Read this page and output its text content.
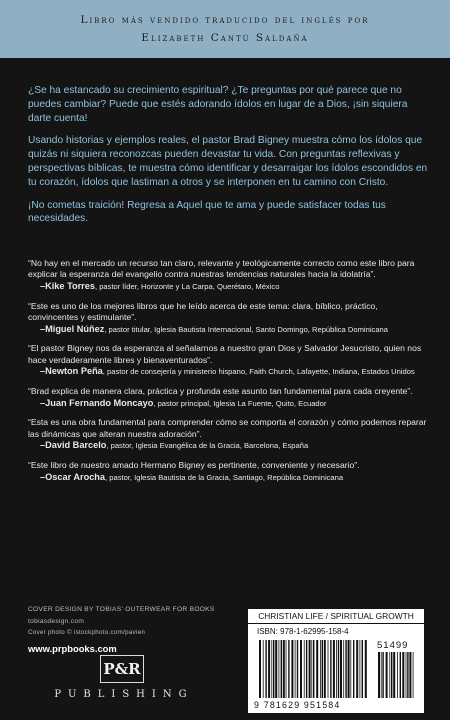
Libro más vendido traducido del inglés por
Elizabeth Cantú Saldaña

¿Se ha estancado su crecimiento espiritual? ¿Te preguntas por qué parece que no puedes cambiar? Puede que estés adorando ídolos en lugar de a Dios, ¡sin siquiera darte cuenta!

Usando historias y ejemplos reales, el pastor Brad Bigney muestra cómo los ídolos que quizás ni siquiera reconozcas pueden devastar tu vida. Con preguntas reflexivas y perspectivas bíblicas, te muestra cómo identificar y desarraigar los ídolos escondidos en tu corazón, ídolos que lastiman a otros y se interponen en tu camino con Cristo.

¡No cometas traición! Regresa a Aquel que te ama y puede satisfacer todas tus necesidades.

“No hay en el mercado un recurso tan claro, relevante y teológicamente correcto como este libro para explicar la esperanza del evangelio contra nuestras tendencias naturales hacia la idolatría”.
–Kike Torres, pastor líder, Horizonte y La Carpa, Querétaro, México
“Este es uno de los mejores libros que he leído acerca de este tema: clara, bíblico, práctico, convincentes y estimulante”.
–Miguel Núñez, pastor titular, Iglesia Bautista Internacional, Santo Domingo, República Dominicana
“El pastor Bigney nos da esperanza al señalarnos a nuestro gran Dios y Salvador Jesucristo, quien nos hace verdaderamente libres y bienaventurados”.
–Newton Peña, pastor de consejería y ministerio hispano, Faith Church, Lafayette, Indiana, Estados Unidos
“Brad explica de manera clara, práctica y profunda este asunto tan fundamental para cada creyente”.
–Juan Fernando Moncayo, pastor principal, Iglesia La Fuente, Quito, Ecuador
“Esta es una obra fundamental para comprender cómo se comporta el corazón y cómo podemos reparar las dinámicas que alteran nuestra adoración”.
–David Barcelo, pastor, Iglesia Evangélica de la Gracia, Barcelona, España
“Este libro de nuestro amado Hermano Bigney es pertinente, conveniente y necesario”.
–Oscar Arocha, pastor, Iglesia Bautista de la Gracia, Santiago, República Dominicana
COVER DESIGN BY TOBIAS’ OUTERWEAR FOR BOOKS
tobiasdesign.com
Cover photo © istockphoto.com/pavien
www.prpbooks.com
P&R
PUBLISHING
CHRISTIAN LIFE / SPIRITUAL GROWTH
ISBN: 978-1-62995-158-4
51499
9 781629 951584
